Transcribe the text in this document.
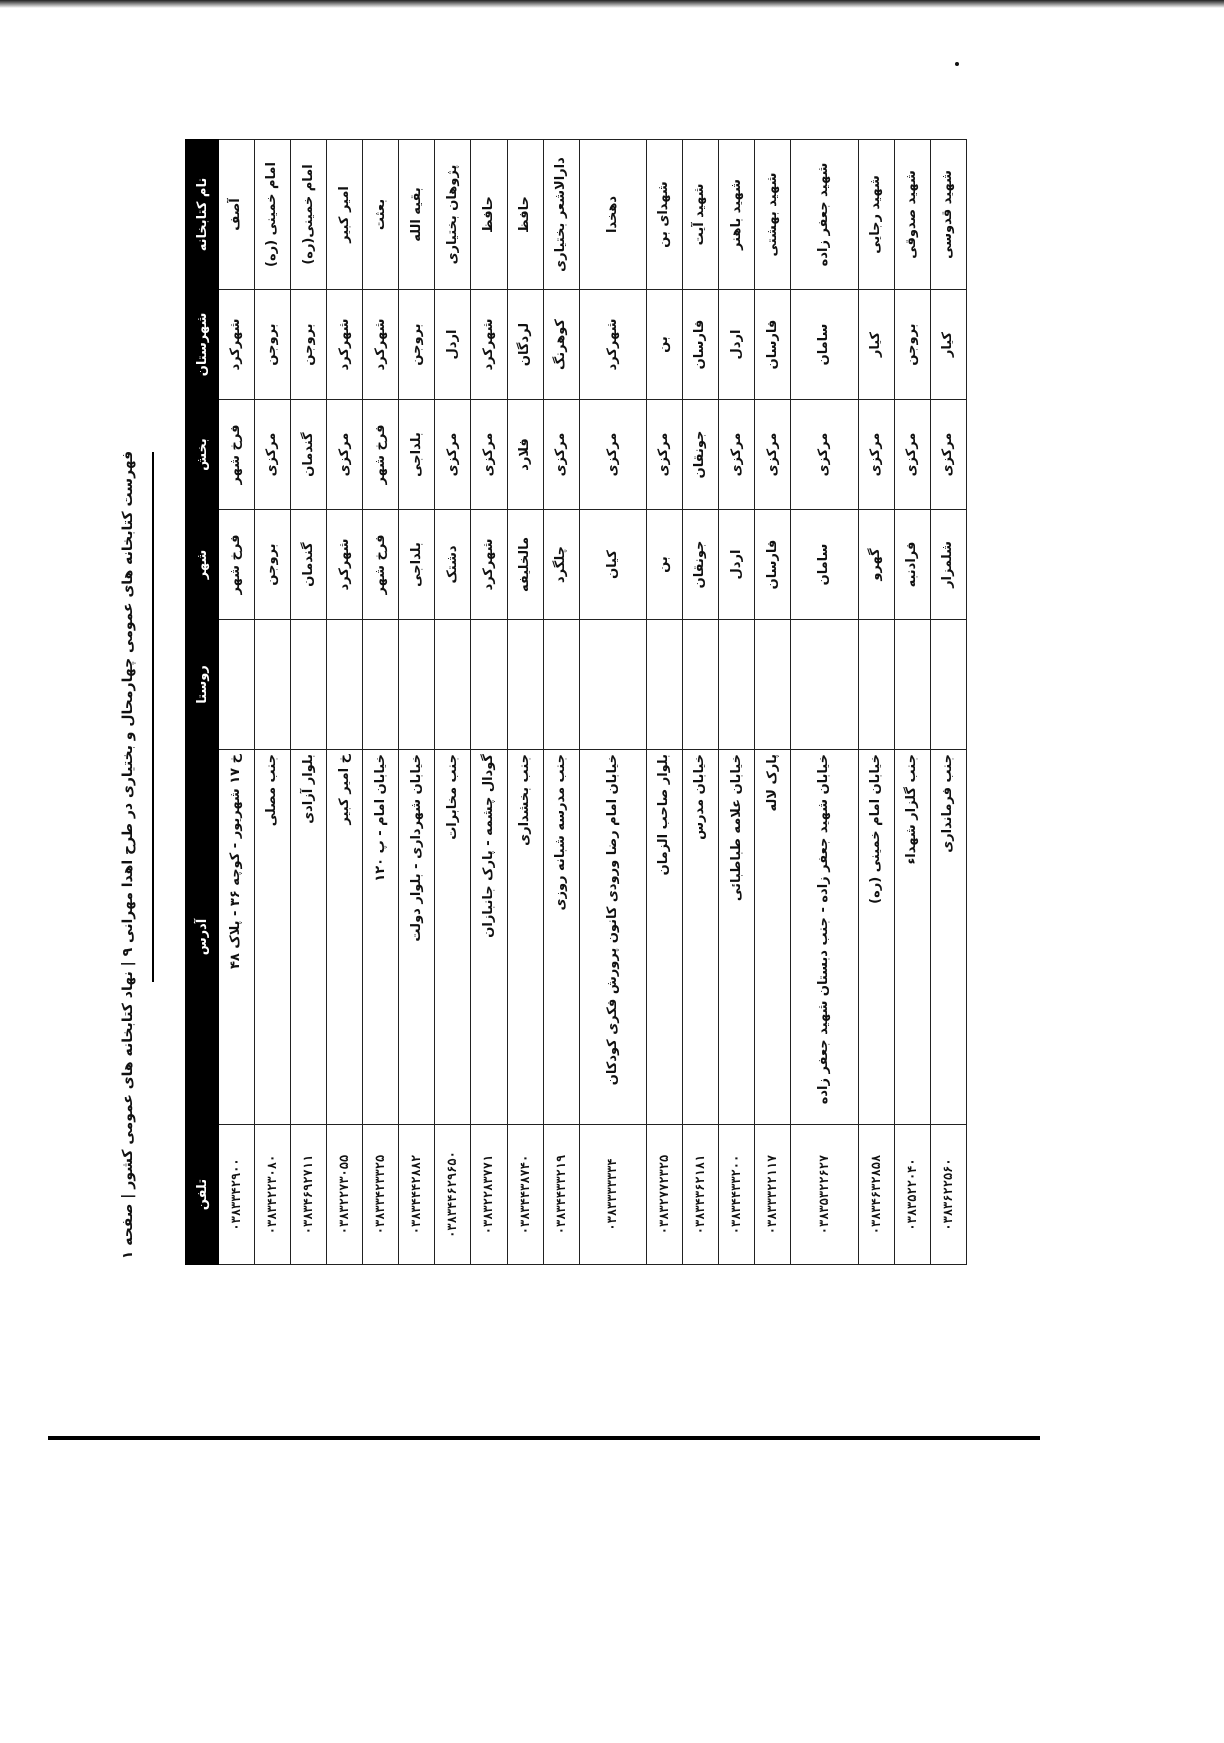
نام کتابخانه	شهرستان	بخش	شهر	روستا	آدرس	تلفن
آصف	شهرکرد	فرخ شهر	فرخ شهر		خ ۱۷ شهریور - کوچه ۳۶ - پلاک ۴۸	۰۳۸۳۳۴۲۹۰۰
امام خمینی (ره)	بروجن	مرکزی	بروجن		جنب مصلی	۰۳۸۳۴۲۲۳۰۸۰
امام خمینی(ره)	بروجن	گندمان	گندمان		بلوار آزادی	۰۳۸۳۴۶۹۲۷۱۱
امیر کبیر	شهرکرد	مرکزی	شهرکرد		خ امیر کبیر	۰۳۸۳۲۲۷۳۰۵۵
بعثت	شهرکرد	فرخ شهر	فرخ شهر		خیابان امام - پ ۱۲۰	۰۳۸۳۳۴۲۳۳۲۵
بقیه الله	بروجن	بلداجی	بلداجی		خیابان شهرداری - بلوار دولت	۰۳۸۳۴۴۴۲۸۸۲
پژوهان بختیاری	اردل	مرکزی	دشتک		جنب مخابرات	۰۳۸۳۴۴۶۲۹۶۵۰
حافظ	شهرکرد	مرکزی	شهرکرد		گودال چشمه - پارک جانبازان	۰۳۸۳۲۲۸۳۷۷۱
حافظ	لردگان	فلارد	مالخلیفه		جنب بخشداری	۰۳۸۳۴۴۳۸۷۴۰
دارالاشعر بختیاری	کوهرنگ	مرکزی	چلگرد		جنب مدرسه شبانه روزی	۰۳۸۳۴۴۳۳۲۱۹
دهخدا	شهرکرد	مرکزی	کیان		خیابان امام رضا ورودی کانون پرورش فکری کودکان	۰۳۸۳۳۳۳۳۳۴
شهدای بن	بن	مرکزی	بن		بلوار صاحب الزمان	۰۳۸۳۲۷۷۲۳۲۵
شهید آیت	فارسان	جونقان	جونقان		خیابان مدرس	۰۳۸۳۴۳۶۲۱۸۱
شهید باهنر	اردل	مرکزی	اردل		خیابان علامه طباطبائی	۰۳۸۳۴۴۳۳۲۰۰
شهید بهشتی	فارسان	مرکزی	فارسان		پارک لاله	۰۳۸۳۳۳۲۲۱۱۷
شهید جعفر زاده	سامان	مرکزی	سامان		خیابان شهید جعفر زاده - جنب دبستان شهید جعفر زاده	۰۳۸۳۵۳۲۲۶۲۷
شهید رجایی	کیار	مرکزی	گهرو		خیابان امام خمینی (ره)	۰۳۸۳۴۶۳۲۸۵۸
شهید صدوقی	بروجن	مرکزی	فرادنبه		جنب گلزار شهداء	۰۳۸۳۵۲۲۰۴۰
شهید قدوسی	کیار	مرکزی	شلمزار		جنب فرمانداری	۰۳۸۳۶۲۲۵۶۰
فهرست کتابخانه های عمومی چهارمحال و بختیاری در طرح اهدا مهرانی ۹ | نهاد کتابخانه های عمومی کشور | صفحه ۱
